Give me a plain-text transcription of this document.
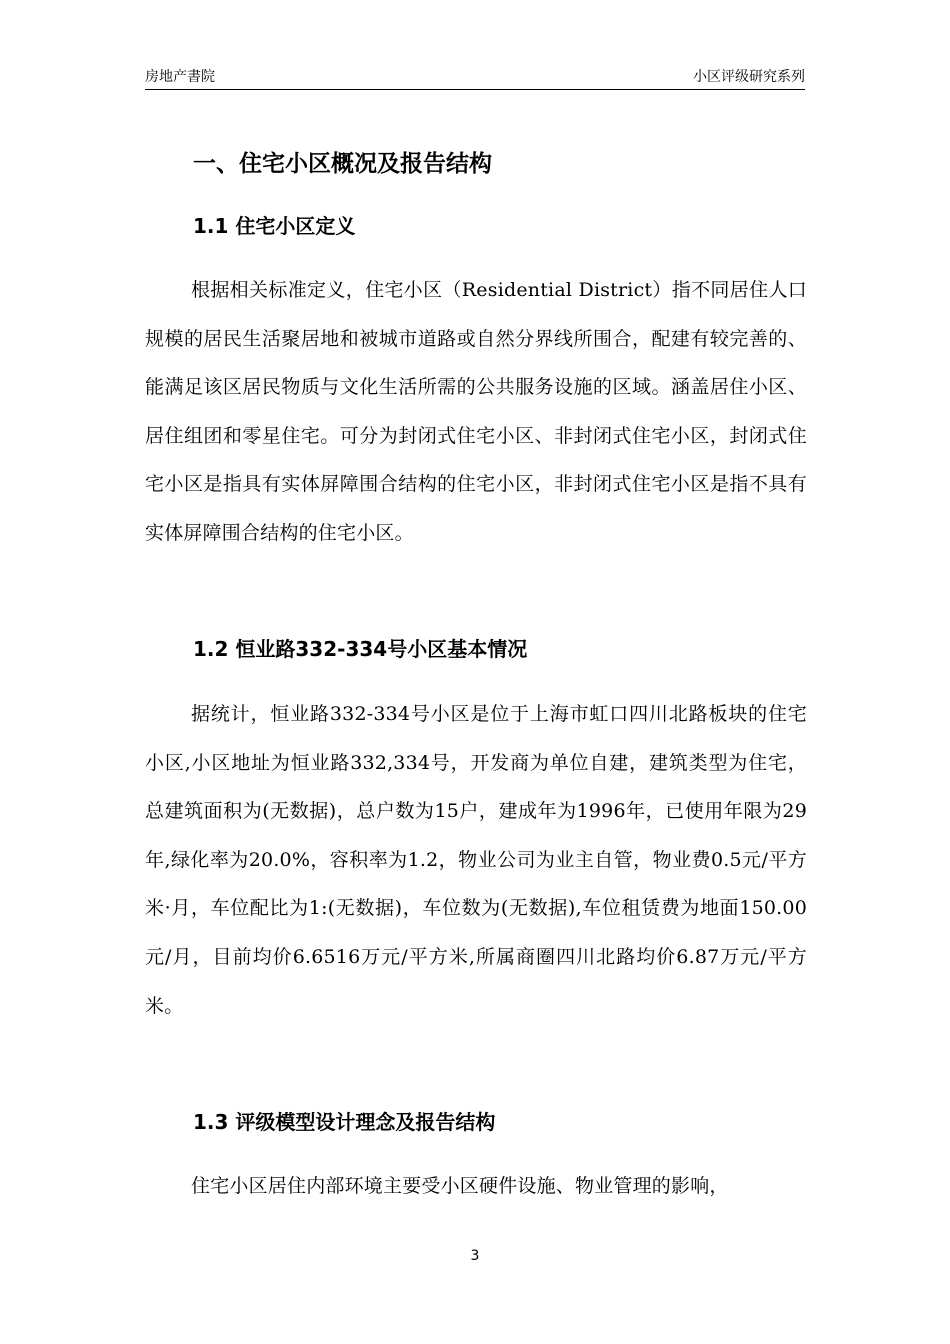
房地产書院	小区评级研究系列
一、住宅小区概况及报告结构
1.1 住宅小区定义

根据相关标准定义，住宅小区（Residential District）指不同居住人口规模的居民生活聚居地和被城市道路或自然分界线所围合，配建有较完善的、能满足该区居民物质与文化生活所需的公共服务设施的区域。涵盖居住小区、居住组团和零星住宅。可分为封闭式住宅小区、非封闭式住宅小区，封闭式住宅小区是指具有实体屏障围合结构的住宅小区，非封闭式住宅小区是指不具有实体屏障围合结构的住宅小区。

1.2 恒业路332-334号小区基本情况

据统计，恒业路332-334号小区是位于上海市虹口四川北路板块的住宅小区,小区地址为恒业路332,334号，开发商为单位自建，建筑类型为住宅，总建筑面积为(无数据)，总户数为15户，建成年为1996年，已使用年限为29年,绿化率为20.0%，容积率为1.2，物业公司为业主自管，物业费0.5元/平方米·月，车位配比为1:(无数据)，车位数为(无数据),车位租赁费为地面150.00元/月，目前均价6.6516万元/平方米,所属商圈四川北路均价6.87万元/平方米。

1.3 评级模型设计理念及报告结构

住宅小区居住内部环境主要受小区硬件设施、物业管理的影响，

3
